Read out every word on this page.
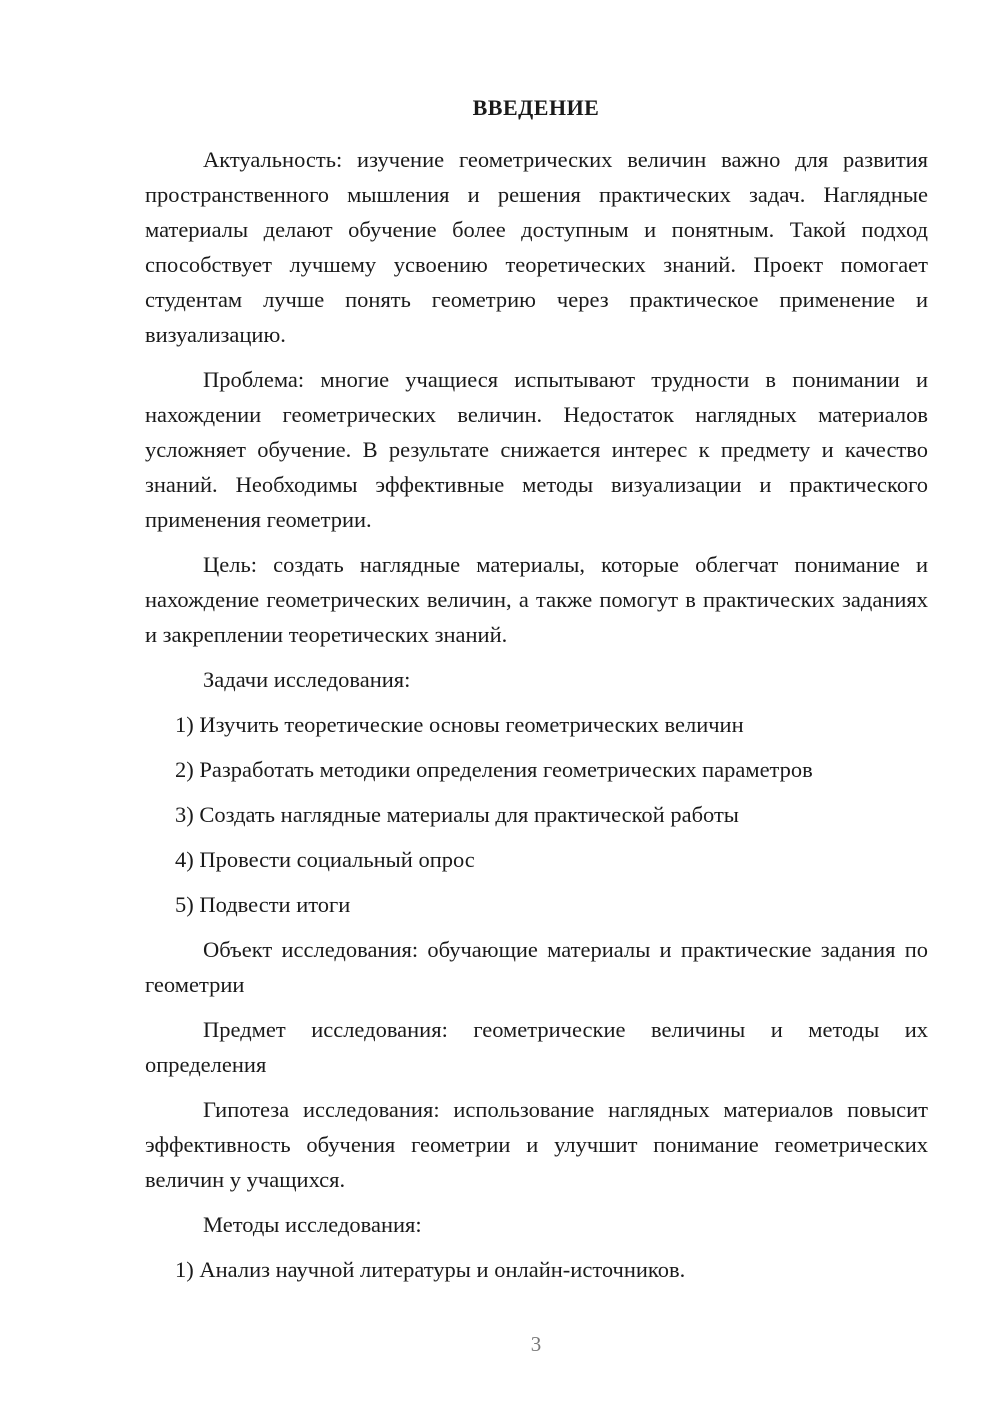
ВВЕДЕНИЕ

Актуальность: изучение геометрических величин важно для развития пространственного мышления и решения практических задач. Наглядные материалы делают обучение более доступным и понятным. Такой подход способствует лучшему усвоению теоретических знаний. Проект помогает студентам лучше понять геометрию через практическое применение и визуализацию.

Проблема: многие учащиеся испытывают трудности в понимании и нахождении геометрических величин. Недостаток наглядных материалов усложняет обучение. В результате снижается интерес к предмету и качество знаний. Необходимы эффективные методы визуализации и практического применения геометрии.

Цель: создать наглядные материалы, которые облегчат понимание и нахождение геометрических величин, а также помогут в практических заданиях и закреплении теоретических знаний.

Задачи исследования:

1) Изучить теоретические основы геометрических величин

2) Разработать методики определения геометрических параметров

3) Создать наглядные материалы для практической работы

4) Провести социальный опрос

5) Подвести итоги

Объект исследования: обучающие материалы и практические задания по геометрии

Предмет исследования: геометрические величины и методы их определения

Гипотеза исследования: использование наглядных материалов повысит эффективность обучения геометрии и улучшит понимание геометрических величин у учащихся.

Методы исследования:

1) Анализ научной литературы и онлайн-источников.

3
